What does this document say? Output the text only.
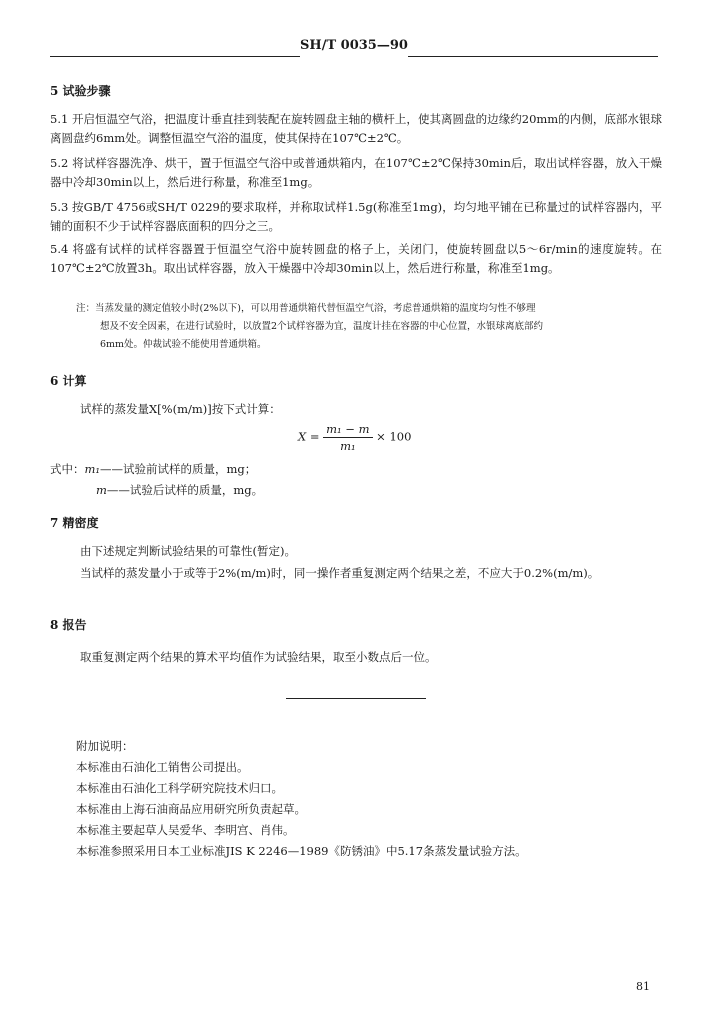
SH/T 0035—90
5 试验步骤
5.1 开启恒温空气浴，把温度计垂直挂到装配在旋转圆盘主轴的横杆上，使其离圆盘的边缘约20mm的内侧，底部水银球离圆盘约6mm处。调整恒温空气浴的温度，使其保持在107℃±2℃。
5.2 将试样容器洗净、烘干，置于恒温空气浴中或普通烘箱内，在107℃±2℃保持30min后，取出试样容器，放入干燥器中冷却30min以上，然后进行称量，称准至1mg。
5.3 按GB/T 4756或SH/T 0229的要求取样，并称取试样1.5g(称准至1mg)，均匀地平铺在已称量过的试样容器内，平铺的面积不少于试样容器底面积的四分之三。
5.4 将盛有试样的试样容器置于恒温空气浴中旋转圆盘的格子上，关闭门，使旋转圆盘以5～6r/min的速度旋转。在107℃±2℃放置3h。取出试样容器，放入干燥器中冷却30min以上，然后进行称量，称准至1mg。
注：当蒸发量的测定值较小时(2%以下)，可以用普通烘箱代替恒温空气浴，考虑普通烘箱的温度均匀性不够理
想及不安全因素，在进行试验时，以放置2个试样容器为宜，温度计挂在容器的中心位置，水银球离底部约
6mm处。仲裁试验不能使用普通烘箱。
6 计算
试样的蒸发量X[%(m/m)]按下式计算：
$X = \frac{\text{m₁ − m}}{\text{m₁}} \times 100$
式中：m₁——试验前试样的质量，mg；
m——试验后试样的质量，mg。
7 精密度
由下述规定判断试验结果的可靠性(暂定)。
当试样的蒸发量小于或等于2%(m/m)时，同一操作者重复测定两个结果之差，不应大于0.2%(m/m)。
8 报告
取重复测定两个结果的算术平均值作为试验结果，取至小数点后一位。
附加说明：
本标准由石油化工销售公司提出。
本标准由石油化工科学研究院技术归口。
本标准由上海石油商品应用研究所负责起草。
本标准主要起草人吴爱华、李明宫、肖伟。
本标准参照采用日本工业标准JIS K 2246—1989《防锈油》中5.17条蒸发量试验方法。
81
